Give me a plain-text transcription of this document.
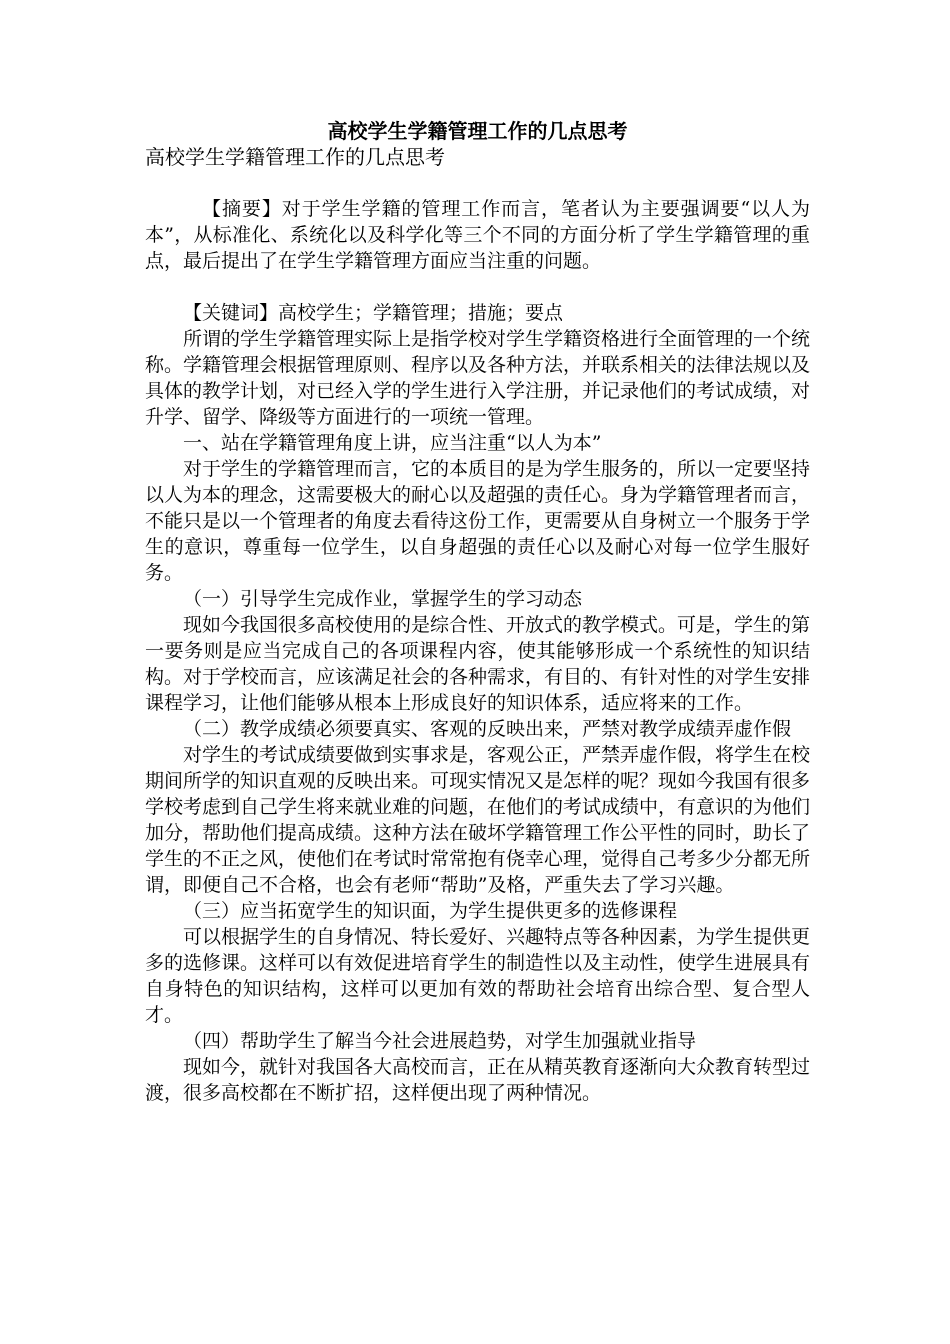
高校学生学籍管理工作的几点思考

高校学生学籍管理工作的几点思考

【摘要】对于学生学籍的管理工作而言，笔者认为主要强调要“以人为本”，从标准化、系统化以及科学化等三个不同的方面分析了学生学籍管理的重点，最后提出了在学生学籍管理方面应当注重的问题。

【关键词】高校学生；学籍管理；措施；要点

所谓的学生学籍管理实际上是指学校对学生学籍资格进行全面管理的一个统称。学籍管理会根据管理原则、程序以及各种方法，并联系相关的法律法规以及具体的教学计划，对已经入学的学生进行入学注册，并记录他们的考试成绩，对升学、留学、降级等方面进行的一项统一管理。

一、站在学籍管理角度上讲，应当注重“以人为本”

对于学生的学籍管理而言，它的本质目的是为学生服务的，所以一定要坚持以人为本的理念，这需要极大的耐心以及超强的责任心。身为学籍管理者而言，不能只是以一个管理者的角度去看待这份工作，更需要从自身树立一个服务于学生的意识，尊重每一位学生，以自身超强的责任心以及耐心对每一位学生服好务。

（一）引导学生完成作业，掌握学生的学习动态

现如今我国很多高校使用的是综合性、开放式的教学模式。可是，学生的第一要务则是应当完成自己的各项课程内容，使其能够形成一个系统性的知识结构。对于学校而言，应该满足社会的各种需求，有目的、有针对性的对学生安排课程学习，让他们能够从根本上形成良好的知识体系，适应将来的工作。

（二）教学成绩必须要真实、客观的反映出来，严禁对教学成绩弄虚作假

对学生的考试成绩要做到实事求是，客观公正，严禁弄虚作假，将学生在校期间所学的知识直观的反映出来。可现实情况又是怎样的呢？现如今我国有很多学校考虑到自己学生将来就业难的问题，在他们的考试成绩中，有意识的为他们加分，帮助他们提高成绩。这种方法在破坏学籍管理工作公平性的同时，助长了学生的不正之风，使他们在考试时常常抱有侥幸心理，觉得自己考多少分都无所谓，即便自己不合格，也会有老师“帮助”及格，严重失去了学习兴趣。

（三）应当拓宽学生的知识面，为学生提供更多的选修课程

可以根据学生的自身情况、特长爱好、兴趣特点等各种因素，为学生提供更多的选修课。这样可以有效促进培育学生的制造性以及主动性，使学生进展具有自身特色的知识结构，这样可以更加有效的帮助社会培育出综合型、复合型人才。

（四）帮助学生了解当今社会进展趋势，对学生加强就业指导

现如今，就针对我国各大高校而言，正在从精英教育逐渐向大众教育转型过渡，很多高校都在不断扩招，这样便出现了两种情况。
